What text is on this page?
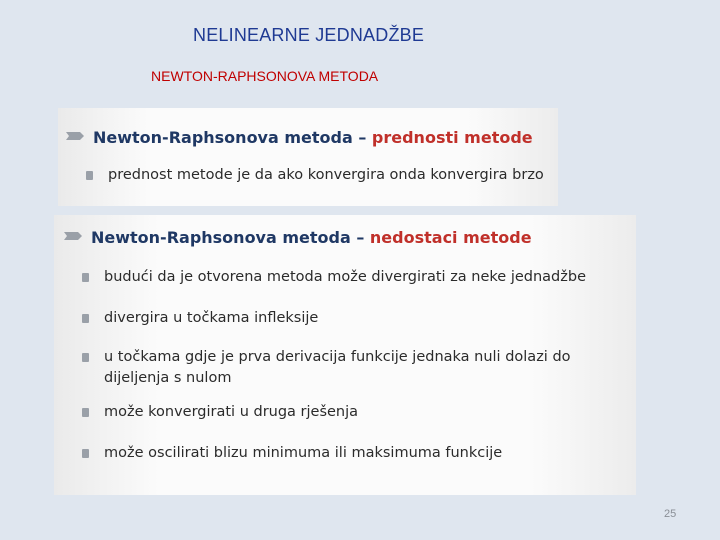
NELINEARNE JEDNADŽBE
NEWTON-RAPHSONOVA METODA
Newton-Raphsonova metoda – prednosti metode
prednost metode je da ako konvergira onda konvergira brzo
Newton-Raphsonova metoda – nedostaci metode
budući da je otvorena metoda može divergirati za neke jednadžbe
divergira u točkama infleksije
u točkama gdje je prva derivacija funkcije jednaka nuli dolazi do dijeljenja s nulom
može konvergirati u druga rješenja
može oscilirati blizu minimuma ili maksimuma funkcije
25
